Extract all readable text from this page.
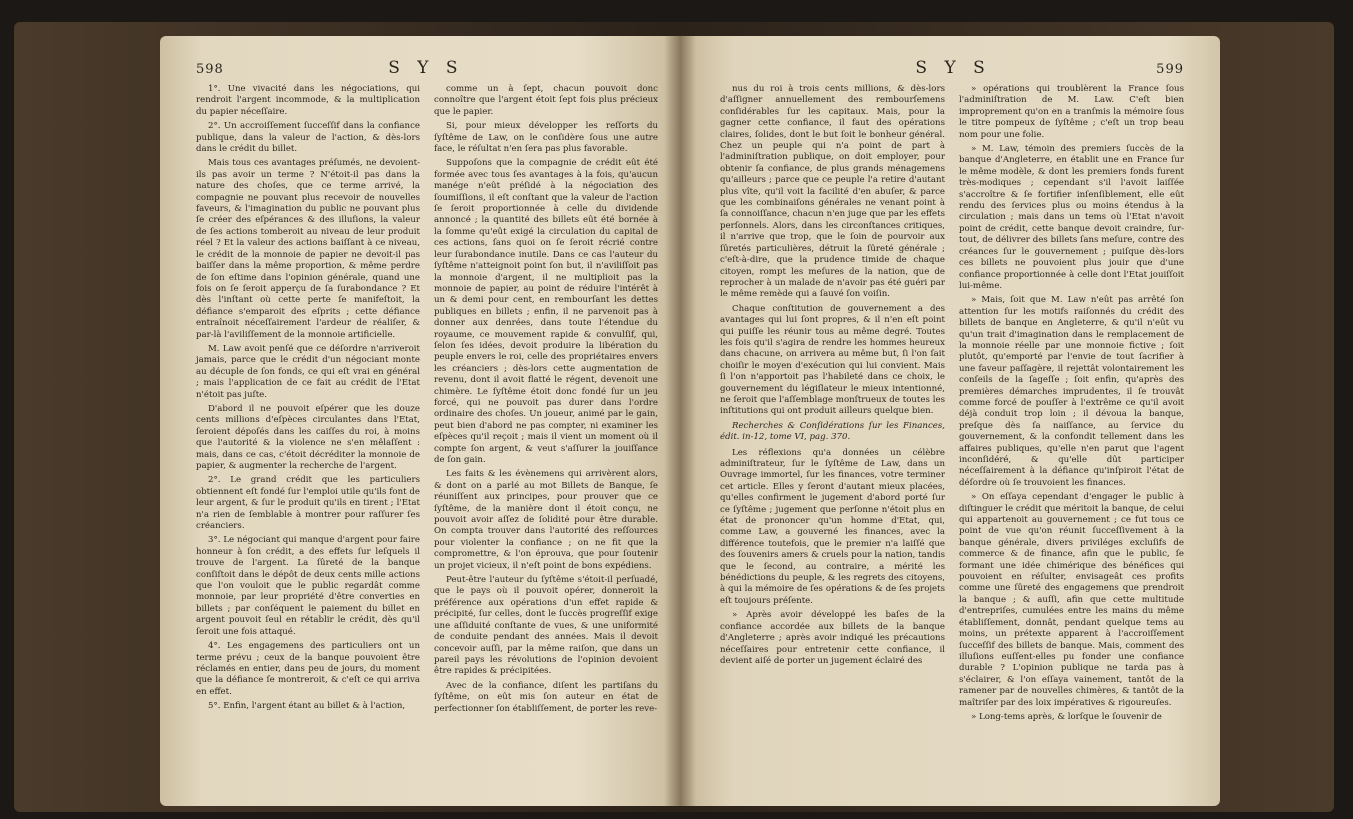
598	S Y S

1°. Une vivacité dans les négociations, qui rendroit l'argent incommode, & la multiplication du papier néceſſaire.

2°. Un accroiſſement ſucceſſif dans la confiance publique, dans la valeur de l'action, & dès-lors dans le crédit du billet.

Mais tous ces avantages préſumés, ne devoient-ils pas avoir un terme ? N'étoit-il pas dans la nature des choſes, que ce terme arrivé, la compagnie ne pouvant plus recevoir de nouvelles faveurs, & l'imagination du public ne pouvant plus ſe créer des eſpérances & des illuſions, la valeur de ſes actions tomberoit au niveau de leur produit réel ? Et la valeur des actions baiſſant à ce niveau, le crédit de la monnoie de papier ne devoit-il pas baiſſer dans la même proportion, & même perdre de ſon eſtime dans l'opinion générale, quand une fois on ſe ſeroit apperçu de ſa ſurabondance ? Et dès l'inſtant où cette perte ſe manifeſtoit, la défiance s'emparoit des eſprits ; cette défiance entraînoit néceſſairement l'ardeur de réaliſer, & par-là l'aviliſſement de la monnoie artificielle.

M. Law avoit penſé que ce déſordre n'arriveroit jamais, parce que le crédit d'un négociant monte au décuple de ſon fonds, ce qui eſt vrai en général ; mais l'application de ce fait au crédit de l'Etat n'étoit pas juſte.

D'abord il ne pouvoit eſpérer que les douze cents millions d'eſpèces circulantes dans l'Etat, ſeroient dépoſés dans les caiſſes du roi, à moins que l'autorité & la violence ne s'en mêlaſſent : mais, dans ce cas, c'étoit décréditer la monnoie de papier, & augmenter la recherche de l'argent.

2°. Le grand crédit que les particuliers obtiennent eſt fondé ſur l'emploi utile qu'ils font de leur argent, & ſur le produit qu'ils en tirent ; l'Etat n'a rien de ſemblable à montrer pour raſſurer ſes créanciers.

3°. Le négociant qui manque d'argent pour faire honneur à ſon crédit, a des effets ſur leſquels il trouve de l'argent. La ſûreté de la banque conſiſtoit dans le dépôt de deux cents mille actions que l'on vouloit que le public regardât comme monnoie, par leur propriété d'être converties en billets ; par conſéquent le paiement du billet en argent pouvoit ſeul en rétablir le crédit, dès qu'il ſeroit une fois attaqué.

4°. Les engagemens des particuliers ont un terme prévu ; ceux de la banque pouvoient être réclamés en entier, dans peu de jours, du moment que la défiance ſe montreroit, & c'eſt ce qui arriva en effet.

5°. Enfin, l'argent étant au billet & à l'action,

comme un à ſept, chacun pouvoit donc connoître que l'argent étoit ſept fois plus précieux que le papier.

Si, pour mieux développer les reſſorts du ſyſtême de Law, on le conſidère ſous une autre face, le réſultat n'en ſera pas plus favorable.

Suppoſons que la compagnie de crédit eût été formée avec tous ſes avantages à la fois, qu'aucun manége n'eût préſidé à la négociation des ſoumiſſions, il eſt conſtant que la valeur de l'action ſe ſeroit proportionnée à celle du dividende annoncé ; la quantité des billets eût été bornée à la ſomme qu'eût exigé la circulation du capital de ces actions, ſans quoi on ſe ſeroit récrié contre leur ſurabondance inutile. Dans ce cas l'auteur du ſyſtême n'atteignoit point ſon but, il n'aviliſſoit pas la monnoie d'argent, il ne multiplioit pas la monnoie de papier, au point de réduire l'intérêt à un & demi pour cent, en rembourſant les dettes publiques en billets ; enfin, il ne parvenoit pas à donner aux denrées, dans toute l'étendue du royaume, ce mouvement rapide & convulſif, qui, ſelon ſes idées, devoit produire la libération du peuple envers le roi, celle des propriétaires envers les créanciers ; dès-lors cette augmentation de revenu, dont il avoit flatté le régent, devenoit une chimère. Le ſyſtême étoit donc fondé ſur un jeu forcé, qui ne pouvoit pas durer dans l'ordre ordinaire des choſes. Un joueur, animé par le gain, peut bien d'abord ne pas compter, ni examiner les eſpèces qu'il reçoit ; mais il vient un moment où il compte ſon argent, & veut s'aſſurer la jouiſſance de ſon gain.

Les faits & les évènemens qui arrivèrent alors, & dont on a parlé au mot Billets de Banque, ſe réuniſſent aux principes, pour prouver que ce ſyſtême, de la manière dont il étoit conçu, ne pouvoit avoir aſſez de ſolidité pour être durable. On compta trouver dans l'autorité des reſſources pour violenter la confiance ; on ne fit que la compromettre, & l'on éprouva, que pour ſoutenir un projet vicieux, il n'eſt point de bons expédiens.

Peut-être l'auteur du ſyſtême s'étoit-il perſuadé, que le pays où il pouvoit opérer, donneroit la préférence aux opérations d'un effet rapide & précipité, ſur celles, dont le ſuccès progreſſif exige une aſſiduité conſtante de vues, & une uniformité de conduite pendant des années. Mais il devoit concevoir auſſi, par la même raiſon, que dans un pareil pays les révolutions de l'opinion devoient être rapides & précipitées.

Avec de la confiance, diſent les partiſans du ſyſtême, on eût mis ſon auteur en état de perfectionner ſon établiſſement, de porter les reve-

S Y S	599

nus du roi à trois cents millions, & dès-lors d'aſſigner annuellement des rembourſemens conſidérables ſur les capitaux. Mais, pour la gagner cette confiance, il faut des opérations claires, ſolides, dont le but ſoit le bonheur général. Chez un peuple qui n'a point de part à l'adminiſtration publique, on doit employer, pour obtenir ſa confiance, de plus grands ménagemens qu'ailleurs ; parce que ce peuple l'a retire d'autant plus vîte, qu'il voit la facilité d'en abuſer, & parce que les combinaiſons générales ne venant point à ſa connoiſſance, chacun n'en juge que par les effets perſonnels. Alors, dans les circonſtances critiques, il n'arrive que trop, que le ſoin de pourvoir aux ſûretés particulières, détruit la ſûreté générale ; c'eſt-à-dire, que la prudence timide de chaque citoyen, rompt les meſures de la nation, que de reprocher à un malade de n'avoir pas été guéri par le même remède qui a ſauvé ſon voiſin.

Chaque conſtitution de gouvernement a des avantages qui lui ſont propres, & il n'en eſt point qui puiſſe les réunir tous au même degré. Toutes les fois qu'il s'agira de rendre les hommes heureux dans chacune, on arrivera au même but, ſi l'on ſait choiſir le moyen d'exécution qui lui convient. Mais ſi l'on n'apportoit pas l'habileté dans ce choix, le gouvernement du légiſlateur le mieux intentionné, ne ſeroit que l'aſſemblage monſtrueux de toutes les inſtitutions qui ont produit ailleurs quelque bien.

Recherches & Conſidérations ſur les Finances, édit. in-12, tome VI, pag. 370.

Les réflexions qu'a données un célèbre adminiſtrateur, ſur le ſyſtême de Law, dans un Ouvrage immortel, ſur les finances, votre terminer cet article. Elles y ſeront d'autant mieux placées, qu'elles confirment le jugement d'abord porté ſur ce ſyſtême ; jugement que perſonne n'étoit plus en état de prononcer qu'un homme d'Etat, qui, comme Law, a gouverné les finances, avec la différence toutefois, que le premier n'a laiſſé que des ſouvenirs amers & cruels pour la nation, tandis que le ſecond, au contraire, a mérité les bénédictions du peuple, & les regrets des citoyens, à qui la mémoire de ſes opérations & de ſes projets eſt toujours préſente.

» Après avoir développé les baſes de la confiance accordée aux billets de la banque d'Angleterre ; après avoir indiqué les précautions néceſſaires pour entretenir cette confiance, il devient aiſé de porter un jugement éclairé des

» opérations qui troublèrent la France ſous l'adminiſtration de M. Law. C'eſt bien improprement qu'on en a tranſmis la mémoire ſous le titre pompeux de ſyſtême ; c'eſt un trop beau nom pour une folie.

» M. Law, témoin des premiers ſuccès de la banque d'Angleterre, en établit une en France ſur le même modèle, & dont les premiers fonds furent très-modiques ; cependant s'il l'avoit laiſſée s'accroître & ſe fortifier inſenſiblement, elle eût rendu des ſervices plus ou moins étendus à la circulation ; mais dans un tems où l'Etat n'avoit point de crédit, cette banque devoit craindre, ſur-tout, de délivrer des billets ſans meſure, contre des créances ſur le gouvernement ; puiſque dès-lors ces billets ne pouvoient plus jouir que d'une confiance proportionnée à celle dont l'Etat jouiſſoit lui-même.

» Mais, ſoit que M. Law n'eût pas arrêté ſon attention ſur les motifs raiſonnés du crédit des billets de banque en Angleterre, & qu'il n'eût vu qu'un trait d'imagination dans le remplacement de la monnoie réelle par une monnoie fictive ; ſoit plutôt, qu'emporté par l'envie de tout ſacrifier à une faveur paſſagère, il rejettât volontairement les conſeils de la ſageſſe ; ſoit enfin, qu'après des premières démarches imprudentes, il ſe trouvât comme forcé de pouſſer à l'extrême ce qu'il avoit déjà conduit trop loin ; il dévoua la banque, preſque dès ſa naiſſance, au ſervice du gouvernement, & la confondit tellement dans les affaires publiques, qu'elle n'en parut que l'agent inconſidéré, & qu'elle dût participer néceſſairement à la défiance qu'inſpiroit l'état de déſordre où ſe trouvoient les finances.

» On eſſaya cependant d'engager le public à diſtinguer le crédit que méritoit la banque, de celui qui appartenoit au gouvernement ; ce fut tous ce point de vue qu'on réunit ſucceſſivement à la banque générale, divers priviléges excluſifs de commerce & de finance, afin que le public, ſe formant une idée chimérique des bénéfices qui pouvoient en réſulter, envisageât ces profits comme une ſûreté des engagemens que prendroit la banque ; & auſſi, afin que cette multitude d'entrepriſes, cumulées entre les mains du même établiſſement, donnât, pendant quelque tems au moins, un prétexte apparent à l'accroiſſement ſucceſſif des billets de banque. Mais, comment des illuſions euſſent-elles pu fonder une confiance durable ? L'opinion publique ne tarda pas à s'éclairer, & l'on eſſaya vainement, tantôt de la ramener par de nouvelles chimères, & tantôt de la maîtriſer par des loix impératives & rigoureuſes.

» Long-tems après, & lorſque le ſouvenir de
